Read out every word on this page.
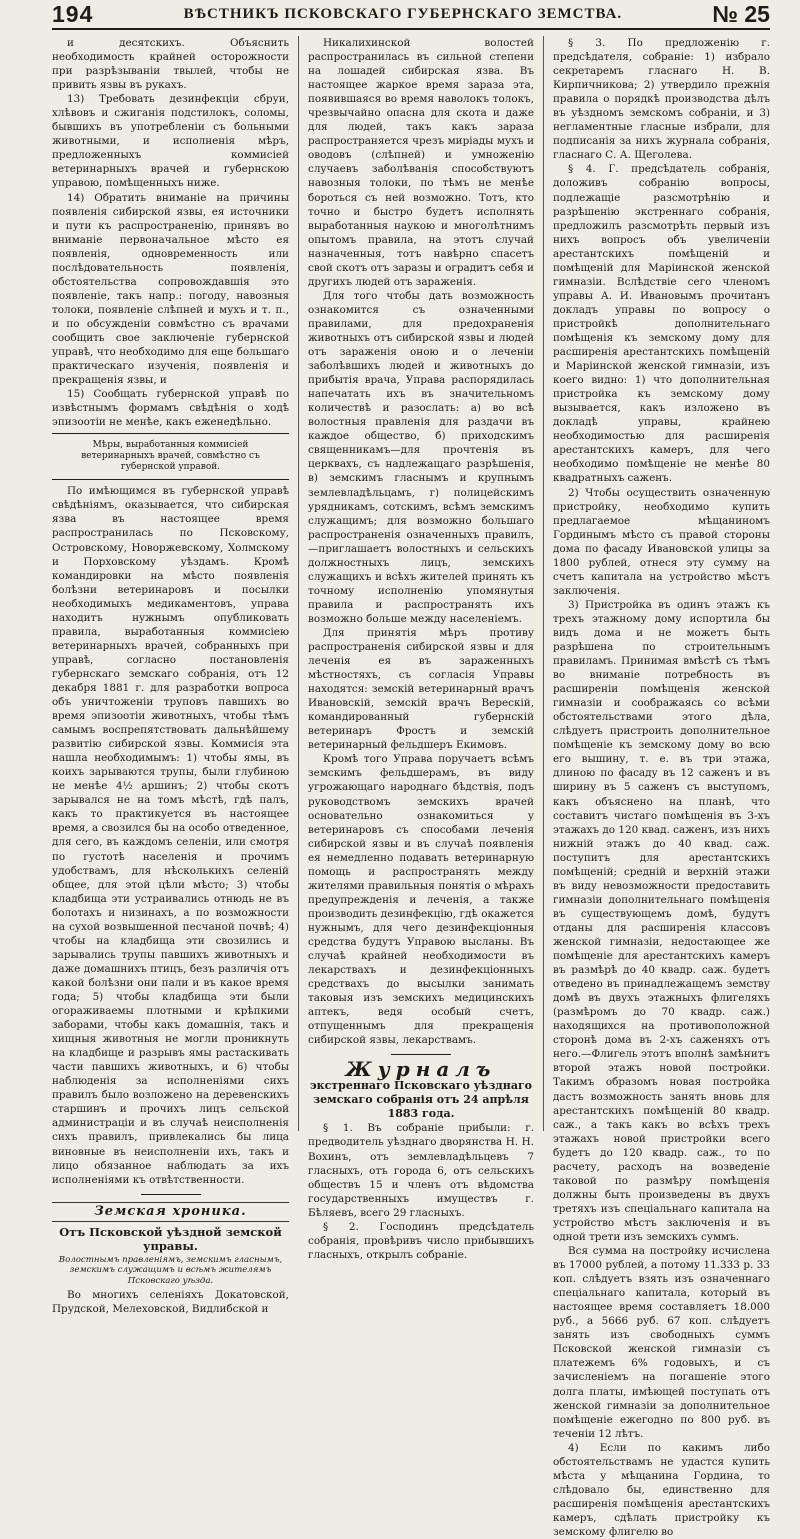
194	ВѢСТНИКЪ ПСКОВСКАГО ГУБЕРНСКАГО ЗЕМСТВА.	№ 25

и десятскихъ. Объяснить необходимость крайней осторожности при разрѣзываніи твылей, чтобы не привить язвы въ рукахъ.

13) Требовать дезинфекціи сбруи, хлѣвовъ и сжиганія подстилокъ, соломы, бывшихъ въ употребленіи съ больными животными, и исполненія мѣръ, предложенныхъ коммисіей ветеринарныхъ врачей и губернскою управою, помѣщенныхъ ниже.

14) Обратить вниманіе на причины появленія сибирской язвы, ея источники и пути къ распространенію, принявъ во вниманіе первоначальное мѣсто ея появленія, одновременность или послѣдовательность появленія, обстоятельства сопровождавшія это появленіе, такъ напр.: погоду, навозныя толоки, появленіе слѣпней и мухъ и т. п., и по обсужденіи совмѣстно съ врачами сообщить свое заключеніе губернской управѣ, что необходимо для еще большаго практическаго изученія, появленія и прекращенія язвы, и

15) Сообщать губернской управѣ по извѣстнымъ формамъ свѣдѣнія о ходѣ эпизоотіи не менѣе, какъ еженедѣльно.

Мѣры, выработанныя коммисіей ветеринарныхъ врачей, совмѣстно съ губернской управой.

По имѣющимся въ губернской управѣ свѣдѣніямъ, оказывается, что сибирская язва въ настоящее время распространилась по Псковскому, Островскому, Новоржевскому, Холмскому и Порховскому уѣздамъ. Кромѣ командировки на мѣсто появленія болѣзни ветеринаровъ и посылки необходимыхъ медикаментовъ, управа находитъ нужнымъ опубликовать правила, выработанныя коммисіею ветеринарныхъ врачей, собранныхъ при управѣ, согласно постановленія губернскаго земскаго собранія, отъ 12 декабря 1881 г. для разработки вопроса объ уничтоженіи труповъ павшихъ во время эпизоотіи животныхъ, чтобы тѣмъ самымъ воспрепятствовать дальнѣйшему развитію сибирской язвы. Коммисія эта нашла необходимымъ: 1) чтобы ямы, въ коихъ зарываются трупы, были глубиною не менѣе 4½ аршинъ; 2) чтобы скотъ зарывался не на томъ мѣстѣ, гдѣ палъ, какъ то практикуется въ настоящее время, а свозился бы на особо отведенное, для сего, въ каждомъ селеніи, или смотря по густотѣ населенія и прочимъ удобствамъ, для нѣсколькихъ селеній общее, для этой цѣли мѣсто; 3) чтобы кладбища эти устраивались отнюдь не въ болотахъ и низинахъ, а по возможности на сухой возвышенной песчаной почвѣ; 4) чтобы на кладбища эти свозились и зарывались трупы павшихъ животныхъ и даже домашнихъ птицъ, безъ различія отъ какой болѣзни они пали и въ какое время года; 5) чтобы кладбища эти были огораживаемы плотными и крѣпкими заборами, чтобы какъ домашнія, такъ и хищныя животныя не могли проникнуть на кладбище и разрывъ ямы растаскивать части павшихъ животныхъ, и 6) чтобы наблюденія за исполненіями сихъ правилъ было возложено на деревенскихъ старшинъ и прочихъ лицъ сельской администраціи и въ случаѣ неисполненія сихъ правилъ, привлекались бы лица виновные въ неисполненіи ихъ, такъ и лицо обязанное наблюдать за ихъ исполненіями къ отвѣтственности.

Земская хроника.

Отъ Псковской уѣздной земской управы.

Волостнымъ правленіямъ, земскимъ гласнымъ, земскимъ служащимъ и всѣмъ жителямъ Псковскаго уѣзда.

Во многихъ селеніяхъ Докатовской, Прудской, Мелеховской, Видлибской и

Никалихинской волостей распространилась въ сильной степени на лошадей сибирская язва. Въ настоящее жаркое время зараза эта, появившаяся во время наволокъ толокъ, чрезвычайно опасна для скота и даже для людей, такъ какъ зараза распространяется чрезъ миріады мухъ и оводовъ (слѣпней) и умноженію случаевъ заболѣванія способствуютъ навозныя толоки, по тѣмъ не менѣе бороться съ ней возможно. Тотъ, кто точно и быстро будетъ исполнять выработанныя наукою и многолѣтнимъ опытомъ правила, на этотъ случай назначенныя, тотъ навѣрно спасетъ свой скотъ отъ заразы и оградитъ себя и другихъ людей отъ зараженія.

Для того чтобы дать возможность ознакомится съ означенными правилами, для предохраненія животныхъ отъ сибирской язвы и людей отъ зараженія оною и о леченіи заболѣвшихъ людей и животныхъ до прибытія врача, Управа распорядилась напечатать ихъ въ значительномъ количествѣ и разослать: а) во всѣ волостныя правленія для раздачи въ каждое общество, б) приходскимъ священникамъ—для прочтенія въ церквахъ, съ надлежащаго разрѣшенія, в) земскимъ гласнымъ и крупнымъ землевладѣльцамъ, г) полицейскимъ урядникамъ, сотскимъ, всѣмъ земскимъ служащимъ; для возможно большаго распространенія означенныхъ правилъ,—приглашаетъ волостныхъ и сельскихъ должностныхъ лицъ, земскихъ служащихъ и всѣхъ жителей принять къ точному исполненію упомянутыя правила и распространять ихъ возможно больше между населеніемъ.

Для принятія мѣръ противу распространенія сибирской язвы и для леченія ея въ зараженныхъ мѣстностяхъ, съ согласія Управы находятся: земскій ветеринарный врачъ Ивановскій, земскій врачъ Верескій, командированный губернскій ветеринаръ Фростъ и земскій ветеринарный фельдшеръ Екимовъ.

Кромѣ того Управа поручаетъ всѣмъ земскимъ фельдшерамъ, въ виду угрожающаго народнаго бѣдствія, подъ руководствомъ земскихъ врачей основательно ознакомиться у ветеринаровъ съ способами леченія сибирской язвы и въ случаѣ появленія ея немедленно подавать ветеринарную помощь и распространять между жителями правильныя понятія о мѣрахъ предупрежденія и леченія, а также производить дезинфекцію, гдѣ окажется нужнымъ, для чего дезинфекціонныя средства будутъ Управою высланы. Въ случаѣ крайней необходимости въ лекарствахъ и дезинфекціонныхъ средствахъ до высылки занимать таковыя изъ земскихъ медицинскихъ аптекъ, ведя особый счетъ, отпущеннымъ для прекращенія сибирской язвы, лекарствамъ.

Журналъ

экстреннаго Псковскаго уѣзднаго земскаго собранія отъ 24 апрѣля 1883 года.

§ 1. Въ собраніе прибыли: г. предводитель уѣзднаго дворянства Н. Н. Вохинъ, отъ землевладѣльцевъ 7 гласныхъ, отъ города 6, отъ сельскихъ обществъ 15 и членъ отъ вѣдомства государственныхъ имуществъ г. Бѣляевъ, всего 29 гласныхъ.

§ 2. Господинъ предсѣдатель собранія, провѣривъ число прибывшихъ гласныхъ, открылъ собраніе.

§ 3. По предложенію г. предсѣдателя, собраніе: 1) избрало секретаремъ гласнаго Н. В. Кирпичникова; 2) утвердило прежнія правила о порядкѣ производства дѣлъ въ уѣздномъ земскомъ собраніи, и 3) негламентные гласные избрали, для подписанія за нихъ журнала собранія, гласнаго С. А. Щеголева.

§ 4. Г. предсѣдатель собранія, доложивъ собранію вопросы, подлежащіе разсмотрѣнію и разрѣшенію экстреннаго собранія, предложилъ разсмотрѣть первый изъ нихъ вопросъ объ увеличеніи арестантскихъ помѣщеній и помѣщеній для Маріинской женской гимназіи. Вслѣдствіе сего членомъ управы А. И. Ивановымъ прочитанъ докладъ управы по вопросу о пристройкѣ дополнительнаго помѣщенія къ земскому дому для расширенія арестантскихъ помѣщеній и Маріинской женской гимназіи, изъ коего видно: 1) что дополнительная пристройка къ земскому дому вызывается, какъ изложено въ докладѣ управы, крайнею необходимостью для расширенія арестантскихъ камеръ, для чего необходимо помѣщеніе не менѣе 80 квадратныхъ саженъ.

2) Чтобы осуществить означенную пристройку, необходимо купить предлагаемое мѣщаниномъ Гординымъ мѣсто съ правой стороны дома по фасаду Ивановской улицы за 1800 рублей, отнеся эту сумму на счетъ капитала на устройство мѣстъ заключенія.

3) Пристройка въ одинъ этажъ къ трехъ этажному дому испортила бы видъ дома и не можетъ быть разрѣшена по строительнымъ правиламъ. Принимая вмѣстѣ съ тѣмъ во вниманіе потребность въ расширеніи помѣщенія женской гимназіи и соображаясь со всѣми обстоятельствами этого дѣла, слѣдуетъ пристроить дополнительное помѣщеніе къ земскому дому во всю его вышину, т. е. въ три этажа, длиною по фасаду въ 12 саженъ и въ ширину въ 5 саженъ съ выступомъ, какъ объяснено на планѣ, что составитъ чистаго помѣщенія въ 3-хъ этажахъ до 120 квад. саженъ, изъ нихъ нижній этажъ до 40 квад. саж. поступитъ для арестантскихъ помѣщеній; средній и верхній этажи въ виду невозможности предоставить гимназіи дополнительнаго помѣщенія въ существующемъ домѣ, будутъ отданы для расширенія классовъ женской гимназіи, недостающее же помѣщеніе для арестантскихъ камеръ въ размѣрѣ до 40 квадр. саж. будетъ отведено въ принадлежащемъ земству домѣ въ двухъ этажныхъ флигеляхъ (размѣромъ до 70 квадр. саж.) находящихся на противоположной сторонѣ дома въ 2-хъ саженяхъ отъ него.—Флигель этотъ вполнѣ замѣнитъ второй этажъ новой постройки. Такимъ образомъ новая постройка дастъ возможность занять вновь для арестантскихъ помѣщеній 80 квадр. саж., а такъ какъ во всѣхъ трехъ этажахъ новой пристройки всего будетъ до 120 квадр. саж., то по расчету, расходъ на возведеніе таковой по размѣру помѣщенія должны быть произведены въ двухъ третяхъ изъ спеціальнаго капитала на устройство мѣстъ заключенія и въ одной трети изъ земскихъ суммъ.

Вся сумма на постройку исчислена въ 17000 рублей, а потому 11.333 р. 33 коп. слѣдуетъ взять изъ означеннаго спеціальнаго капитала, который въ настоящее время составляетъ 18.000 руб., а 5666 руб. 67 коп. слѣдуетъ занять изъ свободныхъ суммъ Псковской женской гимназіи съ платежемъ 6% годовыхъ, и съ зачисленіемъ на погашеніе этого долга платы, имѣющей поступать отъ женской гимназіи за дополнительное помѣщеніе ежегодно по 800 руб. въ теченіи 12 лѣтъ.

4) Если по какимъ либо обстоятельствамъ не удастся купить мѣста у мѣщанина Гордина, то слѣдовало бы, единственно для расширенія помѣщенія арестантскихъ камеръ, сдѣлать пристройку къ земскому флигелю во
